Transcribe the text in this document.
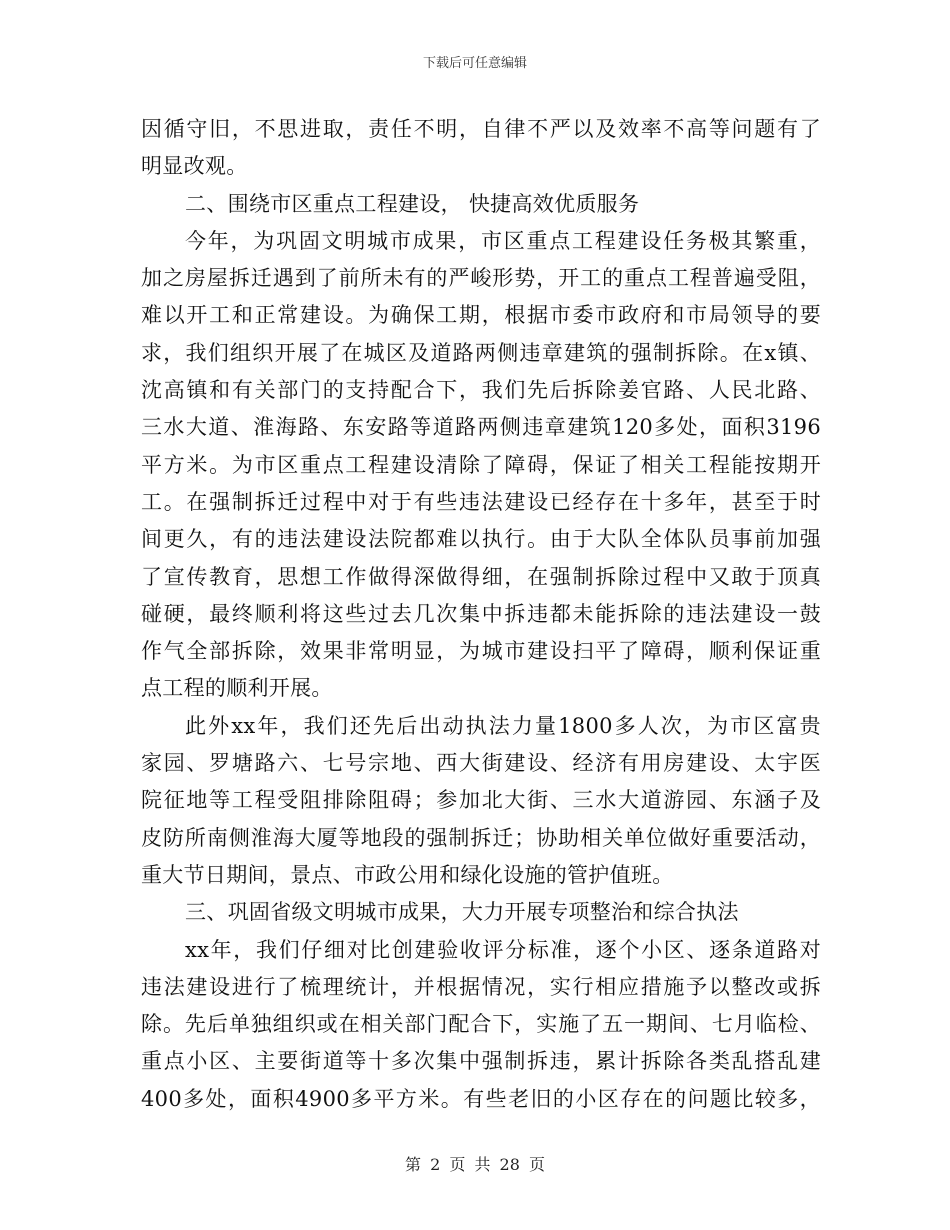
下载后可任意编辑
因循守旧，不思进取，责任不明，自律不严以及效率不高等问题有了
明显改观。
二、围绕市区重点工程建设， 快捷高效优质服务
今年，为巩固文明城市成果，市区重点工程建设任务极其繁重，
加之房屋拆迁遇到了前所未有的严峻形势，开工的重点工程普遍受阻，
难以开工和正常建设。为确保工期，根据市委市政府和市局领导的要
求，我们组织开展了在城区及道路两侧违章建筑的强制拆除。在x镇、
沈高镇和有关部门的支持配合下，我们先后拆除姜官路、人民北路、
三水大道、淮海路、东安路等道路两侧违章建筑120多处，面积3196
平方米。为市区重点工程建设清除了障碍，保证了相关工程能按期开
工。在强制拆迁过程中对于有些违法建设已经存在十多年，甚至于时
间更久，有的违法建设法院都难以执行。由于大队全体队员事前加强
了宣传教育，思想工作做得深做得细，在强制拆除过程中又敢于顶真
碰硬，最终顺利将这些过去几次集中拆违都未能拆除的违法建设一鼓
作气全部拆除，效果非常明显，为城市建设扫平了障碍，顺利保证重
点工程的顺利开展。
此外xx年，我们还先后出动执法力量1800多人次，为市区富贵
家园、罗塘路六、七号宗地、西大街建设、经济有用房建设、太宇医
院征地等工程受阻排除阻碍；参加北大街、三水大道游园、东涵子及
皮防所南侧淮海大厦等地段的强制拆迁；协助相关单位做好重要活动，
重大节日期间，景点、市政公用和绿化设施的管护值班。
三、巩固省级文明城市成果，大力开展专项整治和综合执法
xx年，我们仔细对比创建验收评分标准，逐个小区、逐条道路对
违法建设进行了梳理统计，并根据情况，实行相应措施予以整改或拆
除。先后单独组织或在相关部门配合下，实施了五一期间、七月临检、
重点小区、主要街道等十多次集中强制拆违，累计拆除各类乱搭乱建
400多处，面积4900多平方米。有些老旧的小区存在的问题比较多，
第 2 页 共 28 页
